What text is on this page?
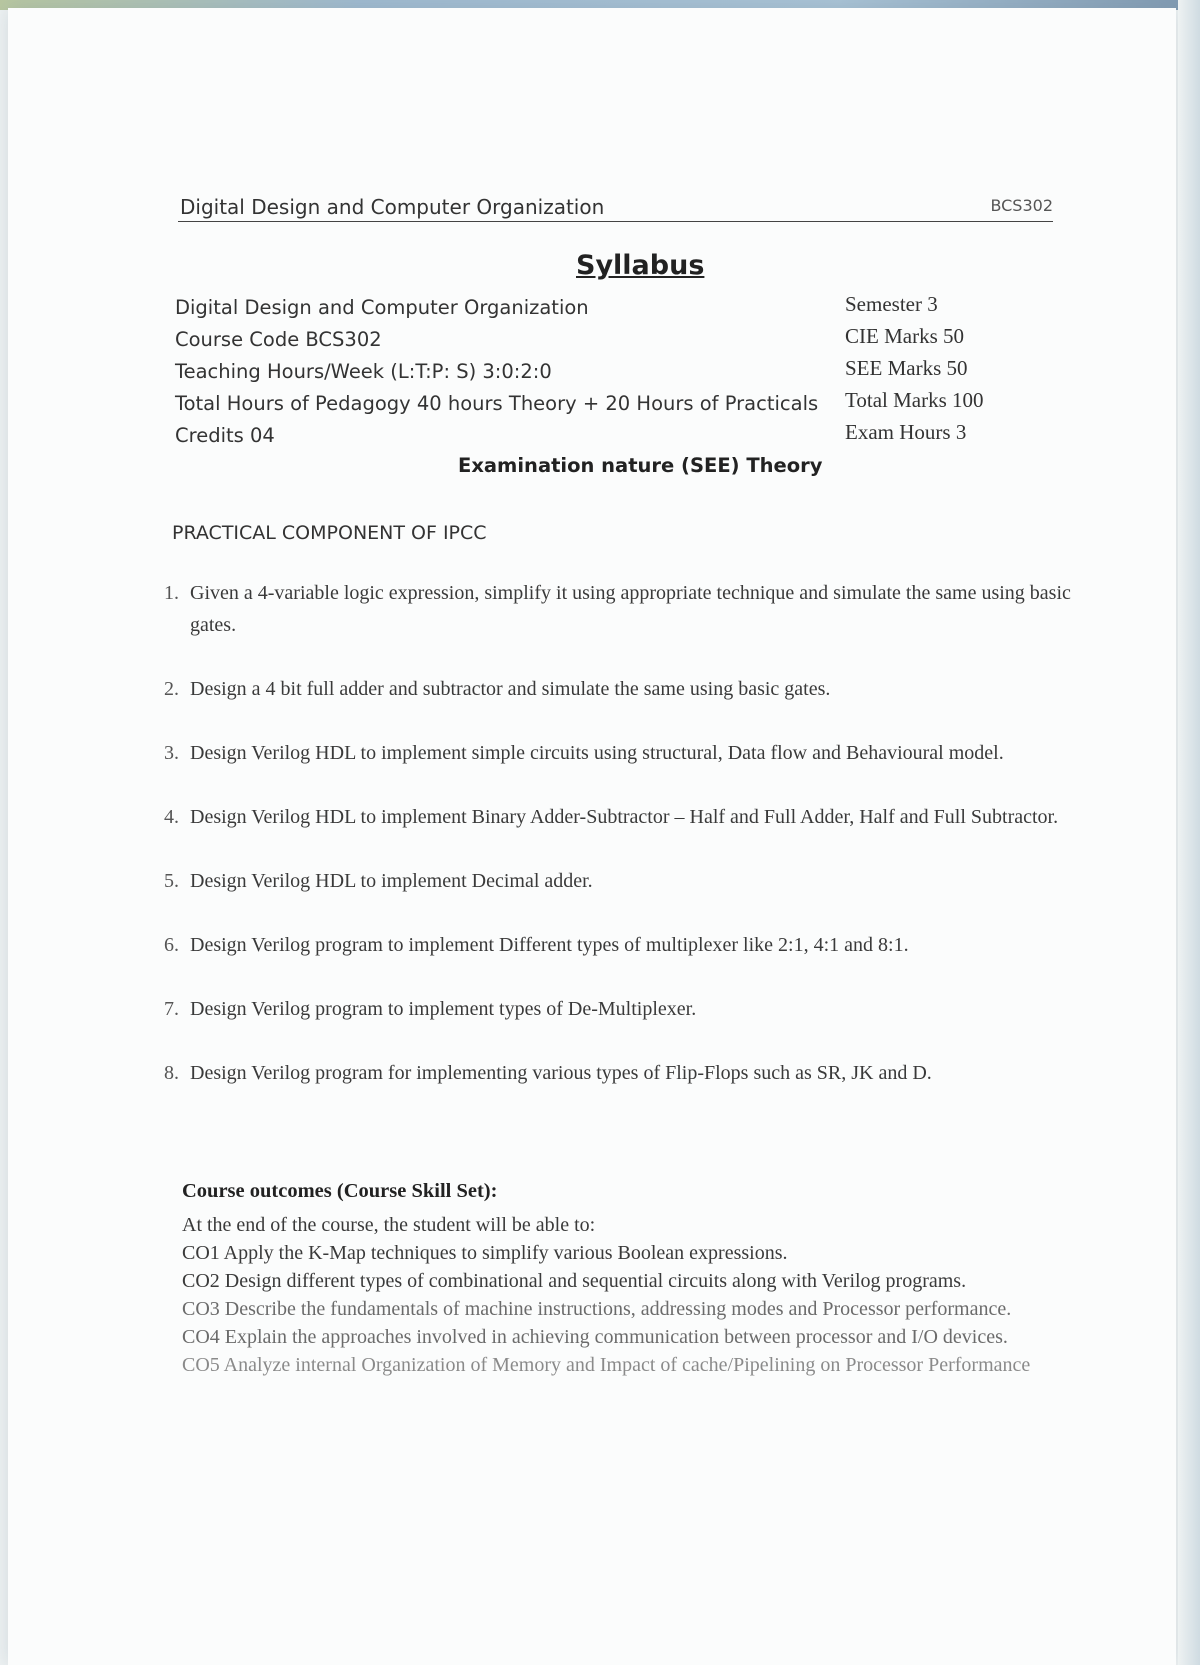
Digital Design and Computer Organization	BCS302
Syllabus
Digital Design and Computer Organization
Course Code BCS302
Teaching Hours/Week (L:T:P: S) 3:0:2:0
Total Hours of Pedagogy 40 hours Theory + 20 Hours of Practicals
Credits 04
Semester 3
CIE Marks 50
SEE Marks 50
Total Marks 100
Exam Hours 3
Examination nature (SEE) Theory
PRACTICAL COMPONENT OF IPCC
1. Given a 4-variable logic expression, simplify it using appropriate technique and simulate the same using basic gates.
2. Design a 4 bit full adder and subtractor and simulate the same using basic gates.
3. Design Verilog HDL to implement simple circuits using structural, Data flow and Behavioural model.
4. Design Verilog HDL to implement Binary Adder-Subtractor – Half and Full Adder, Half and Full Subtractor.
5. Design Verilog HDL to implement Decimal adder.
6. Design Verilog program to implement Different types of multiplexer like 2:1, 4:1 and 8:1.
7. Design Verilog program to implement types of De-Multiplexer.
8. Design Verilog program for implementing various types of Flip-Flops such as SR, JK and D.
Course outcomes (Course Skill Set):
At the end of the course, the student will be able to:
CO1 Apply the K-Map techniques to simplify various Boolean expressions.
CO2 Design different types of combinational and sequential circuits along with Verilog programs.
CO3 Describe the fundamentals of machine instructions, addressing modes and Processor performance.
CO4 Explain the approaches involved in achieving communication between processor and I/O devices.
CO5 Analyze internal Organization of Memory and Impact of cache/Pipelining on Processor Performance
